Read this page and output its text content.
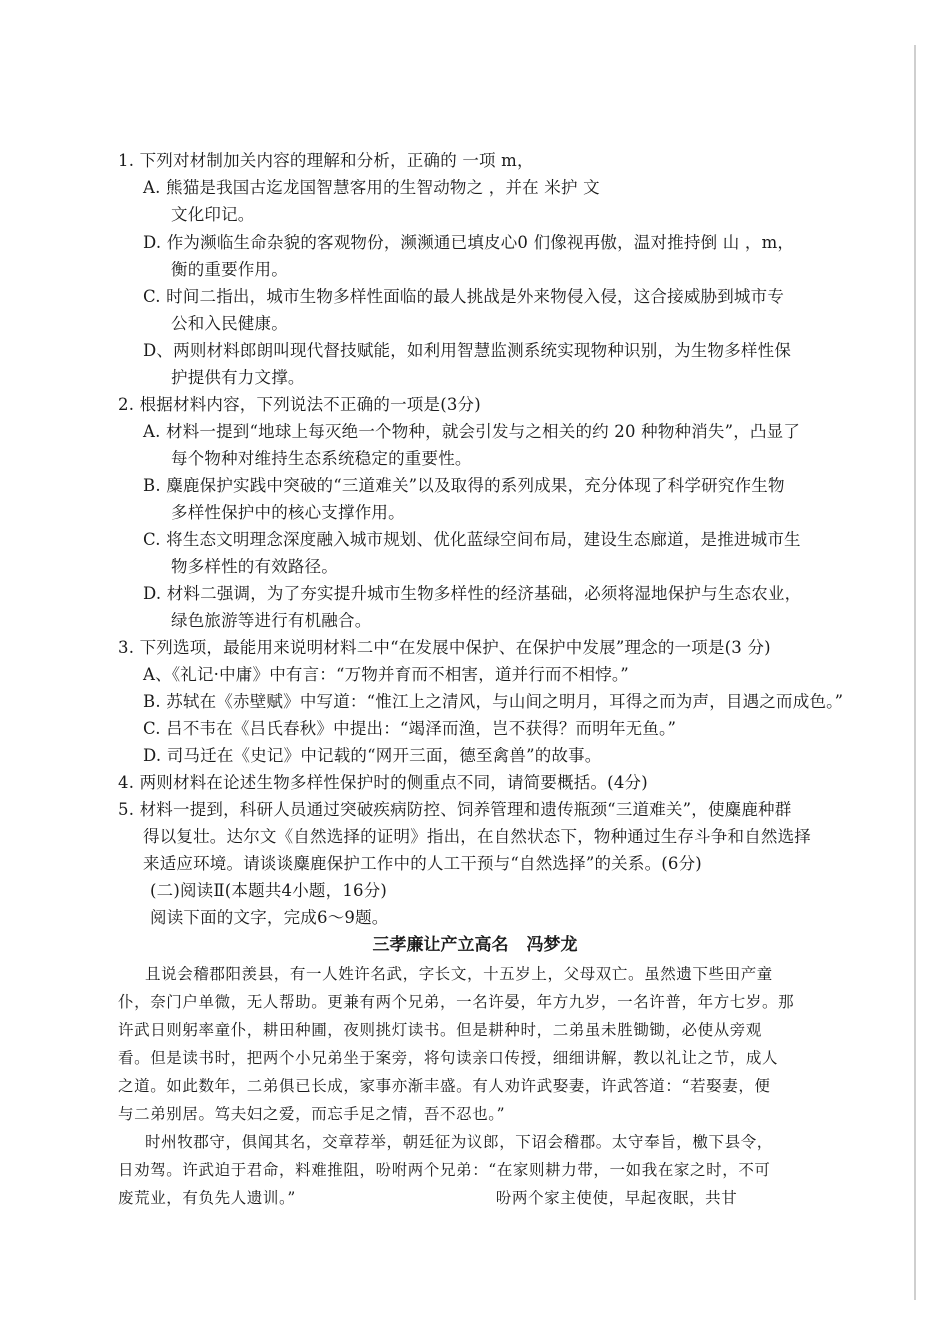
1. 下列对材制加关内容的理解和分析，正确的 一项 m，
A. 熊猫是我国古迄龙国智慧客用的生智动物之 ，并在 米护 文
文化印记。
D. 作为濒临生命杂貌的客观物份，濒濒通已填皮心0 们像视再傲，温对推持倒 山 ，m，
衡的重要作用。
C. 时间二指出，城市生物多样性面临的最人挑战是外来物侵入侵，这合接威胁到城市专
公和入民健康。
D、两则材料郎朗叫现代督技赋能，如利用智慧监测系统实现物种识别，为生物多样性保
护提供有力文撑。
2. 根据材料内容，下列说法不正确的一项是(3分)
A. 材料一提到“地球上每灭绝一个物种，就会引发与之相关的约 20 种物种消失”，凸显了
每个物种对维持生态系统稳定的重要性。
B. 麋鹿保护实践中突破的“三道难关”以及取得的系列成果，充分体现了科学研究作生物
多样性保护中的核心支撑作用。
C. 将生态文明理念深度融入城市规划、优化蓝绿空间布局，建设生态廊道，是推进城市生
物多样性的有效路径。
D. 材料二强调，为了夯实提升城市生物多样性的经济基础，必须将湿地保护与生态农业，
绿色旅游等进行有机融合。
3. 下列选项，最能用来说明材料二中“在发展中保护、在保护中发展”理念的一项是(3 分)
A、《礼记·中庸》中有言：“万物并育而不相害，道并行而不相悖。”
B. 苏轼在《赤壁赋》中写道：“惟江上之清风，与山间之明月，耳得之而为声，目遇之而成色。”
C. 吕不韦在《吕氏春秋》中提出：“竭泽而渔，岂不获得？而明年无鱼。”
D. 司马迁在《史记》中记载的“网开三面，德至禽兽”的故事。
4. 两则材料在论述生物多样性保护时的侧重点不同，请简要概括。(4分)
5. 材料一提到，科研人员通过突破疾病防控、饲养管理和遗传瓶颈“三道难关”，使麋鹿种群
得以复壮。达尔文《自然选择的证明》指出，在自然状态下，物种通过生存斗争和自然选择
来适应环境。请谈谈麋鹿保护工作中的人工干预与“自然选择”的关系。(6分)
(二)阅读Ⅱ(本题共4小题，16分)
阅读下面的文字，完成6～9题。
三孝廉让产立高名 冯梦龙
且说会稽郡阳羡县，有一人姓许名武，字长文，十五岁上，父母双亡。虽然遗下些田产童
仆，奈门户单微，无人帮助。更兼有两个兄弟，一名许晏，年方九岁，一名许普，年方七岁。那
许武日则躬率童仆，耕田种圃，夜则挑灯读书。但是耕种时，二弟虽未胜锄锄，必使从旁观
看。但是读书时，把两个小兄弟坐于案旁，将句读亲口传授，细细讲解，教以礼让之节，成人
之道。如此数年，二弟俱已长成，家事亦渐丰盛。有人劝许武娶妻，许武答道：“若娶妻，便
与二弟别居。笃夫妇之爱，而忘手足之情，吾不忍也。”
时州牧郡守，俱闻其名，交章荐举，朝廷征为议郎，下诏会稽郡。太守奉旨，檄下县令，
日劝驾。许武迫于君命，料难推阻，吩咐两个兄弟：“在家则耕力带，一如我在家之时，不可
废荒业，有负先人遗训。”	吩两个家主使使，早起夜眠，共甘
